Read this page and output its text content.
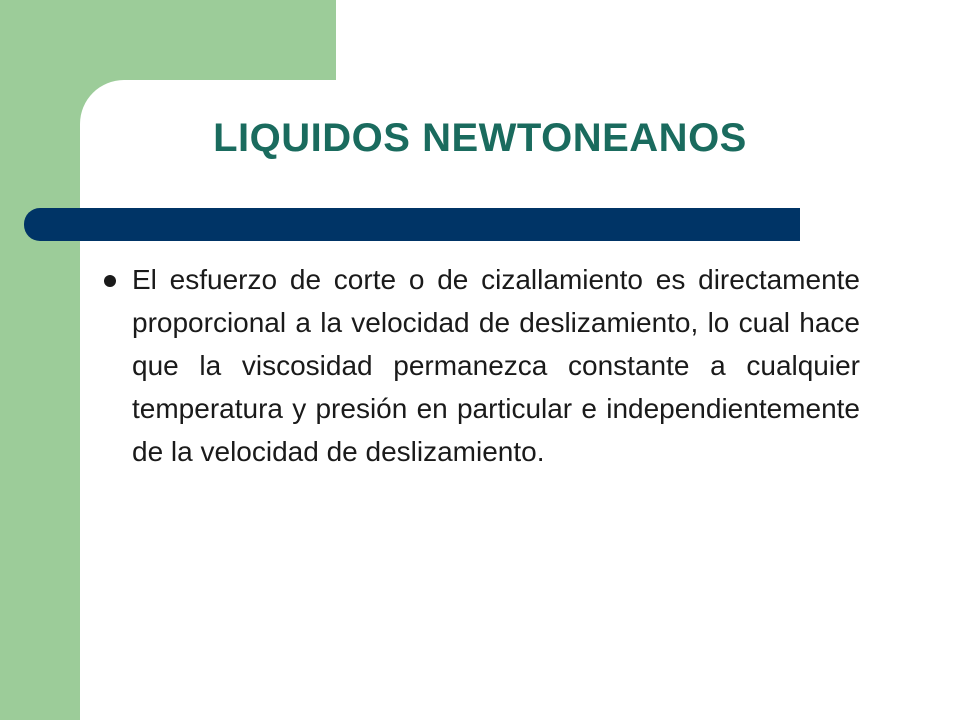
LIQUIDOS NEWTONEANOS
El esfuerzo de corte o de cizallamiento es directamente proporcional a la velocidad de deslizamiento, lo cual hace que la viscosidad permanezca constante a cualquier temperatura y presión en particular e independientemente de la velocidad de deslizamiento.
